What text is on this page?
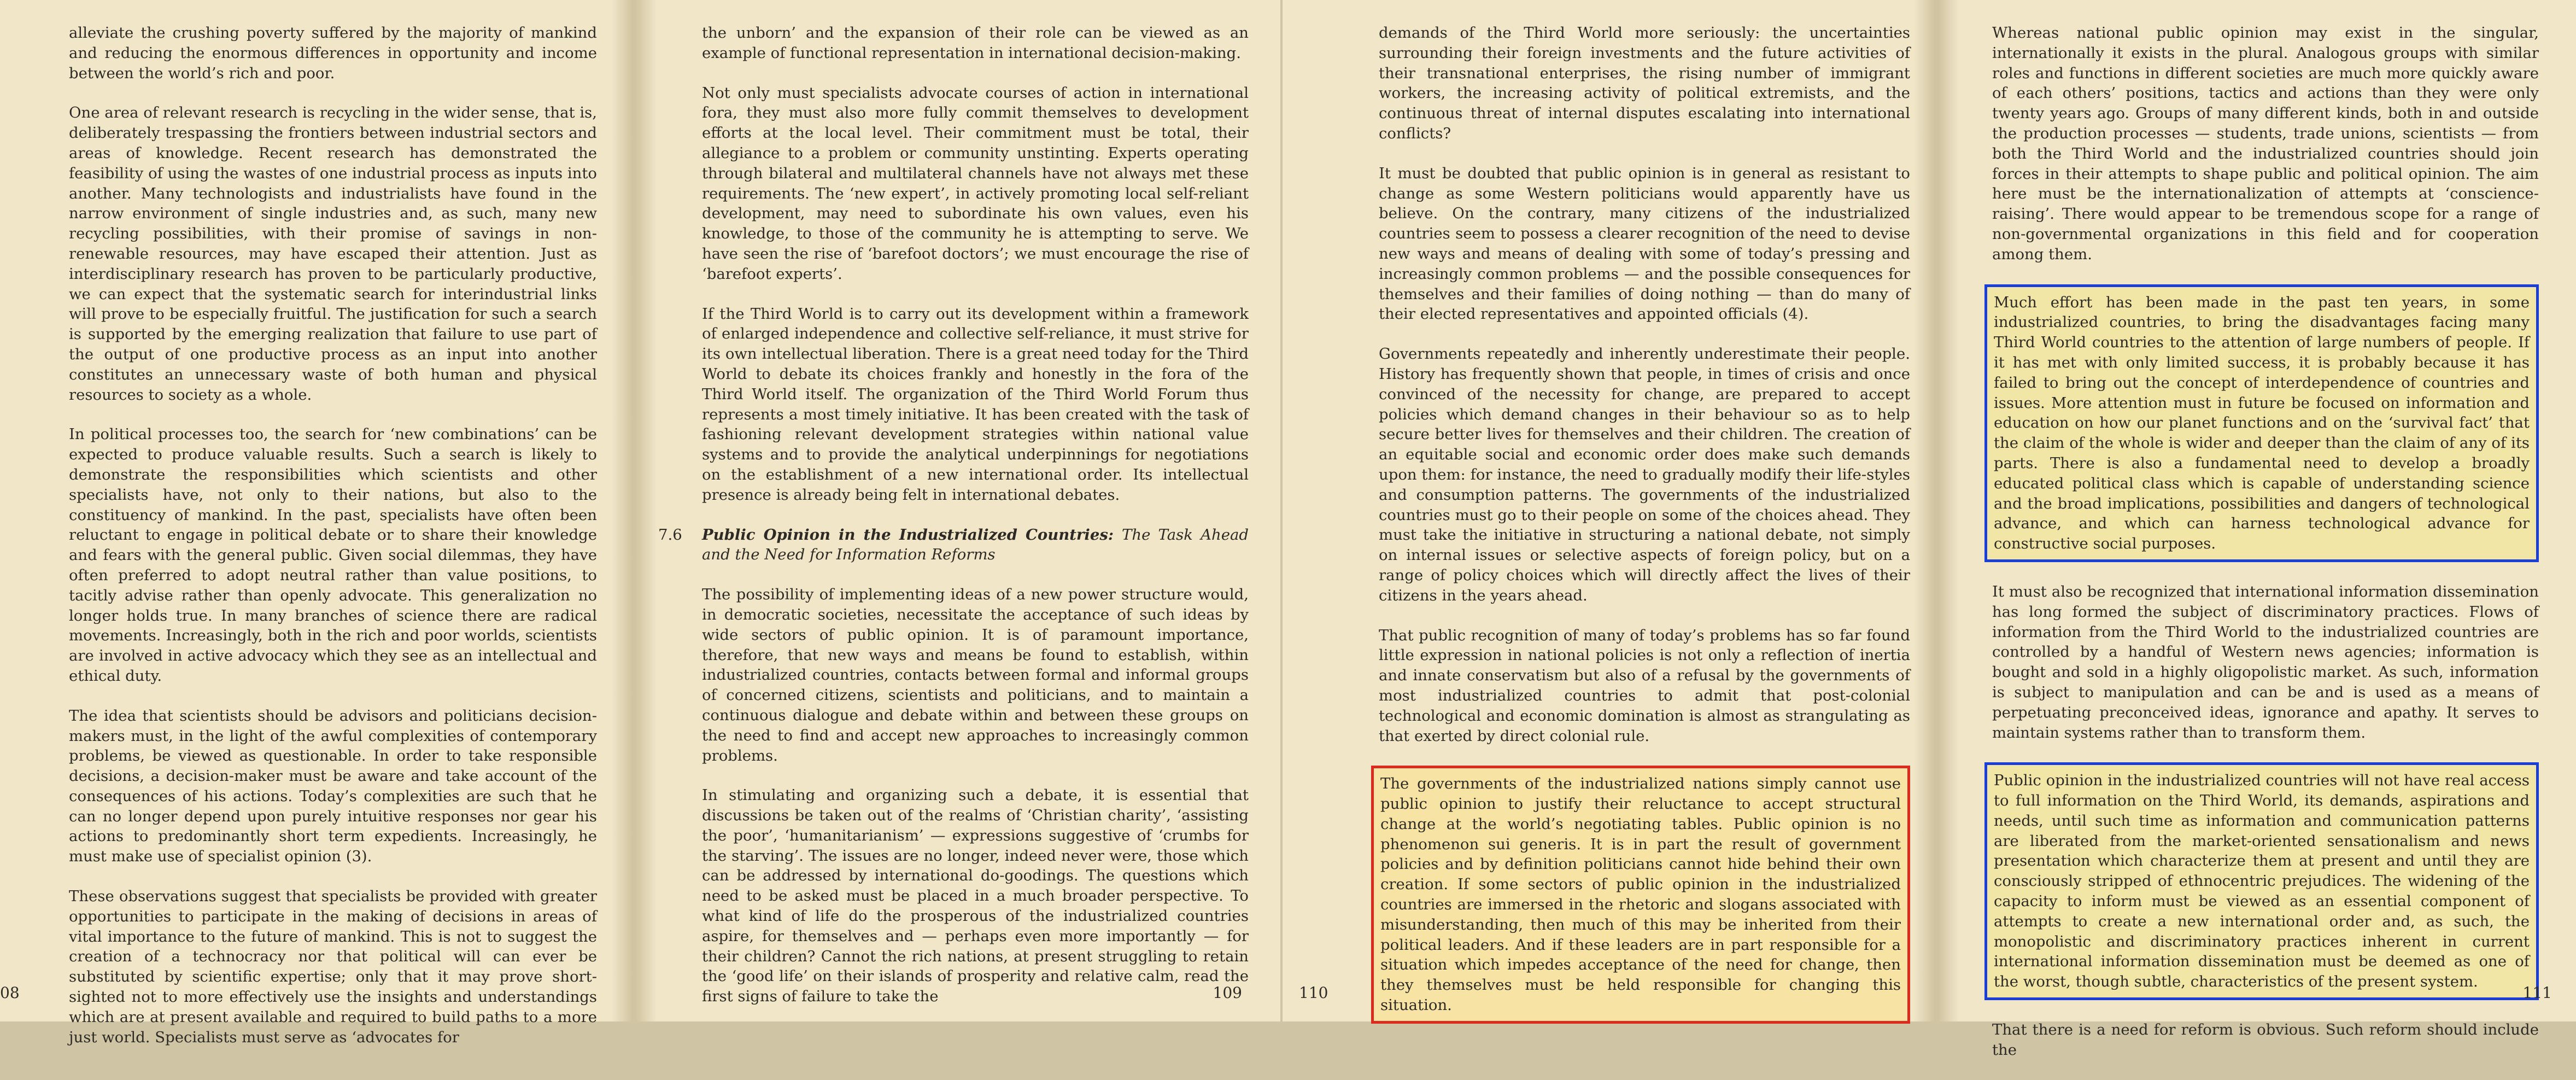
alleviate the crushing poverty suffered by the majority of mankind and reducing the enormous differences in opportunity and income between the world’s rich and poor.

One area of relevant research is recycling in the wider sense, that is, deliberately trespassing the frontiers between industrial sectors and areas of knowledge. Recent research has demonstrated the feasibility of using the wastes of one industrial process as inputs into another. Many technologists and industrialists have found in the narrow environment of single industries and, as such, many new recycling possibilities, with their promise of savings in non-renewable resources, may have escaped their attention. Just as interdisciplinary research has proven to be particularly productive, we can expect that the systematic search for interindustrial links will prove to be especially fruitful. The justification for such a search is supported by the emerging realization that failure to use part of the output of one productive process as an input into another constitutes an unnecessary waste of both human and physical resources to society as a whole.

In political processes too, the search for ‘new combinations’ can be expected to produce valuable results. Such a search is likely to demonstrate the responsibilities which scientists and other specialists have, not only to their nations, but also to the constituency of mankind. In the past, specialists have often been reluctant to engage in political debate or to share their knowledge and fears with the general public. Given social dilemmas, they have often preferred to adopt neutral rather than value positions, to tacitly advise rather than openly advocate. This generalization no longer holds true. In many branches of science there are radical movements. Increasingly, both in the rich and poor worlds, scientists are involved in active advocacy which they see as an intellectual and ethical duty.

The idea that scientists should be advisors and politicians decision-makers must, in the light of the awful complexities of contemporary problems, be viewed as questionable. In order to take responsible decisions, a decision-maker must be aware and take account of the consequences of his actions. Today’s complexities are such that he can no longer depend upon purely intuitive responses nor gear his actions to predominantly short term expedients. Increasingly, he must make use of specialist opinion (3).

These observations suggest that specialists be provided with greater opportunities to participate in the making of decisions in areas of vital importance to the future of mankind. This is not to suggest the creation of a technocracy nor that political will can ever be substituted by scientific expertise; only that it may prove short-sighted not to more effectively use the insights and understandings which are at present available and required to build paths to a more just world. Specialists must serve as ‘advocates for

08

the unborn’ and the expansion of their role can be viewed as an example of functional representation in international decision-making.

Not only must specialists advocate courses of action in international fora, they must also more fully commit themselves to development efforts at the local level. Their commitment must be total, their allegiance to a problem or community unstinting. Experts operating through bilateral and multilateral channels have not always met these requirements. The ‘new expert’, in actively promoting local self-reliant development, may need to subordinate his own values, even his knowledge, to those of the community he is attempting to serve. We have seen the rise of ‘barefoot doctors’; we must encourage the rise of ‘barefoot experts’.

If the Third World is to carry out its development within a framework of enlarged independence and collective self-reliance, it must strive for its own intellectual liberation. There is a great need today for the Third World to debate its choices frankly and honestly in the fora of the Third World itself. The organization of the Third World Forum thus represents a most timely initiative. It has been created with the task of fashioning relevant development strategies within national value systems and to provide the analytical underpinnings for negotiations on the establishment of a new international order. Its intellectual presence is already being felt in international debates.

7.6 Public Opinion in the Industrialized Countries: The Task Ahead and the Need for Information Reforms

The possibility of implementing ideas of a new power structure would, in democratic societies, necessitate the acceptance of such ideas by wide sectors of public opinion. It is of paramount importance, therefore, that new ways and means be found to establish, within industrialized countries, contacts between formal and informal groups of concerned citizens, scientists and politicians, and to maintain a continuous dialogue and debate within and between these groups on the need to find and accept new approaches to increasingly common problems.

In stimulating and organizing such a debate, it is essential that discussions be taken out of the realms of ‘Christian charity’, ‘assisting the poor’, ‘humanitarianism’ — expressions suggestive of ‘crumbs for the starving’. The issues are no longer, indeed never were, those which can be addressed by international do-goodings. The questions which need to be asked must be placed in a much broader perspective. To what kind of life do the prosperous of the industrialized countries aspire, for themselves and — perhaps even more importantly — for their children? Cannot the rich nations, at present struggling to retain the ‘good life’ on their islands of prosperity and relative calm, read the first signs of failure to take the	109

demands of the Third World more seriously: the uncertainties surrounding their foreign investments and the future activities of their transnational enterprises, the rising number of immigrant workers, the increasing activity of political extremists, and the continuous threat of internal disputes escalating into international conflicts?

It must be doubted that public opinion is in general as resistant to change as some Western politicians would apparently have us believe. On the contrary, many citizens of the industrialized countries seem to possess a clearer recognition of the need to devise new ways and means of dealing with some of today’s pressing and increasingly common problems — and the possible consequences for themselves and their families of doing nothing — than do many of their elected representatives and appointed officials (4).

Governments repeatedly and inherently underestimate their people. History has frequently shown that people, in times of crisis and once convinced of the necessity for change, are prepared to accept policies which demand changes in their behaviour so as to help secure better lives for themselves and their children. The creation of an equitable social and economic order does make such demands upon them: for instance, the need to gradually modify their life-styles and consumption patterns. The governments of the industrialized countries must go to their people on some of the choices ahead. They must take the initiative in structuring a national debate, not simply on internal issues or selective aspects of foreign policy, but on a range of policy choices which will directly affect the lives of their citizens in the years ahead.

That public recognition of many of today’s problems has so far found little expression in national policies is not only a reflection of inertia and innate conservatism but also of a refusal by the governments of most industrialized countries to admit that post-colonial technological and economic domination is almost as strangulating as that exerted by direct colonial rule.

The governments of the industrialized nations simply cannot use public opinion to justify their reluctance to accept structural change at the world’s negotiating tables. Public opinion is no phenomenon sui generis. It is in part the result of government policies and by definition politicians cannot hide behind their own creation. If some sectors of public opinion in the industrialized countries are immersed in the rhetoric and slogans associated with misunderstanding, then much of this may be inherited from their political leaders. And if these leaders are in part responsible for a situation which impedes acceptance of the need for change, then they themselves must be held responsible for changing this situation.

110

Whereas national public opinion may exist in the singular, internationally it exists in the plural. Analogous groups with similar roles and functions in different societies are much more quickly aware of each others’ positions, tactics and actions than they were only twenty years ago. Groups of many different kinds, both in and outside the production processes — students, trade unions, scientists — from both the Third World and the industrialized countries should join forces in their attempts to shape public and political opinion. The aim here must be the internationalization of attempts at ‘conscience-raising’. There would appear to be tremendous scope for a range of non-governmental organizations in this field and for cooperation among them.

Much effort has been made in the past ten years, in some industrialized countries, to bring the disadvantages facing many Third World countries to the attention of large numbers of people. If it has met with only limited success, it is probably because it has failed to bring out the concept of interdependence of countries and issues. More attention must in future be focused on information and education on how our planet functions and on the ‘survival fact’ that the claim of the whole is wider and deeper than the claim of any of its parts. There is also a fundamental need to develop a broadly educated political class which is capable of understanding science and the broad implications, possibilities and dangers of technological advance, and which can harness technological advance for constructive social purposes.

It must also be recognized that international information dissemination has long formed the subject of discriminatory practices. Flows of information from the Third World to the industrialized countries are controlled by a handful of Western news agencies; information is bought and sold in a highly oligopolistic market. As such, information is subject to manipulation and can be and is used as a means of perpetuating preconceived ideas, ignorance and apathy. It serves to maintain systems rather than to transform them.

Public opinion in the industrialized countries will not have real access to full information on the Third World, its demands, aspirations and needs, until such time as information and communication patterns are liberated from the market-oriented sensationalism and news presentation which characterize them at present and until they are consciously stripped of ethnocentric prejudices. The widening of the capacity to inform must be viewed as an essential component of attempts to create a new international order and, as such, the monopolistic and discriminatory practices inherent in current international information dissemination must be deemed as one of the worst, though subtle, characteristics of the present system.

That there is a need for reform is obvious. Such reform should include the

111
